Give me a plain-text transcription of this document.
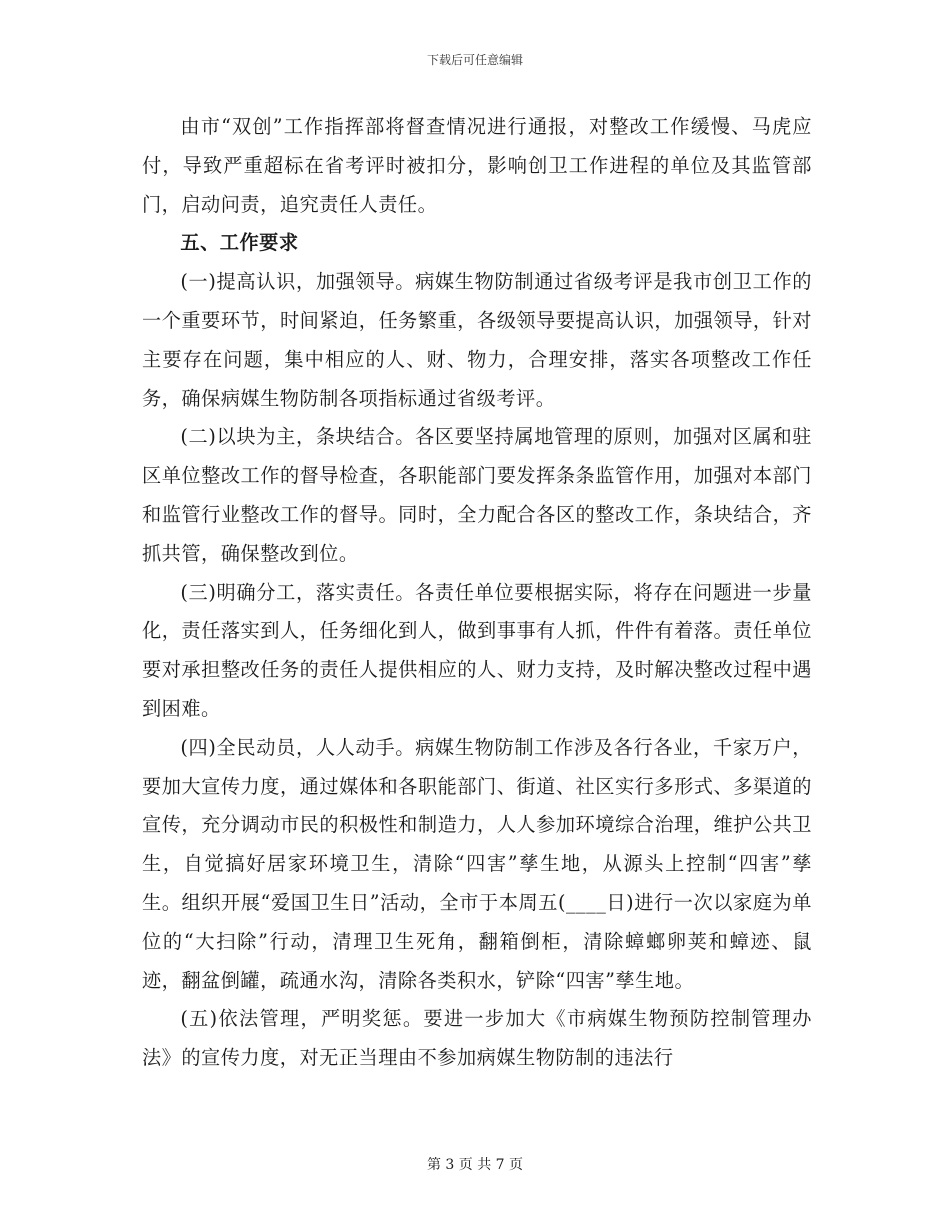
下载后可任意编辑

由市“双创”工作指挥部将督查情况进行通报，对整改工作缓慢、马虎应付，导致严重超标在省考评时被扣分，影响创卫工作进程的单位及其监管部门，启动问责，追究责任人责任。

五、工作要求

(一)提高认识，加强领导。病媒生物防制通过省级考评是我市创卫工作的一个重要环节，时间紧迫，任务繁重，各级领导要提高认识，加强领导，针对主要存在问题，集中相应的人、财、物力，合理安排，落实各项整改工作任务，确保病媒生物防制各项指标通过省级考评。

(二)以块为主，条块结合。各区要坚持属地管理的原则，加强对区属和驻区单位整改工作的督导检查，各职能部门要发挥条条监管作用，加强对本部门和监管行业整改工作的督导。同时，全力配合各区的整改工作，条块结合，齐抓共管，确保整改到位。

(三)明确分工，落实责任。各责任单位要根据实际，将存在问题进一步量化，责任落实到人，任务细化到人，做到事事有人抓，件件有着落。责任单位要对承担整改任务的责任人提供相应的人、财力支持，及时解决整改过程中遇到困难。

(四)全民动员，人人动手。病媒生物防制工作涉及各行各业，千家万户，要加大宣传力度，通过媒体和各职能部门、街道、社区实行多形式、多渠道的宣传，充分调动市民的积极性和制造力，人人参加环境综合治理，维护公共卫生，自觉搞好居家环境卫生，清除“四害”孳生地，从源头上控制“四害”孳生。组织开展“爱国卫生日”活动，全市于本周五(____日)进行一次以家庭为单位的“大扫除”行动，清理卫生死角，翻箱倒柜，清除蟑螂卵荚和蟑迹、鼠迹，翻盆倒罐，疏通水沟，清除各类积水，铲除“四害”孳生地。

(五)依法管理，严明奖惩。要进一步加大《市病媒生物预防控制管理办法》的宣传力度，对无正当理由不参加病媒生物防制的违法行

第 3 页 共 7 页
